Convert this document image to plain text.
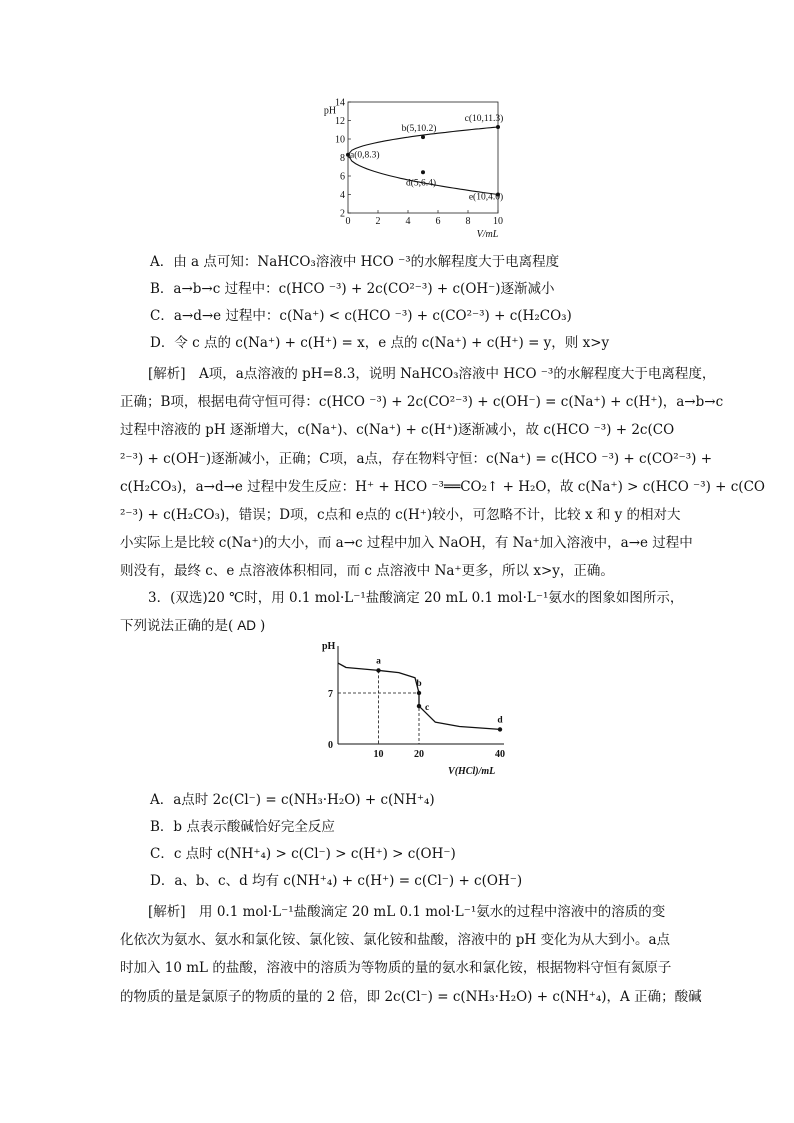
0	2	4	6	8 10
2
4
6
8
10
12
14
pH
V/mL
a(0,8.3)
b(5,10.2)
c(10,11.3)
d(5,6.4)
e(10,4.0)
A．由 a 点可知：NaHCO₃溶液中 HCO ⁻³的水解程度大于电离程度
B．a→b→c 过程中：c(HCO ⁻³) + 2c(CO²⁻³) + c(OH⁻)逐渐减小
C．a→d→e 过程中：c(Na⁺) < c(HCO ⁻³) + c(CO²⁻³) + c(H₂CO₃)
D．令 c 点的 c(Na⁺) + c(H⁺) = x，e 点的 c(Na⁺) + c(H⁺) = y，则 x>y

[解析]　A项，a点溶液的 pH=8.3，说明 NaHCO₃溶液中 HCO ⁻³的水解程度大于电离程度，

正确；B项，根据电荷守恒可得：c(HCO ⁻³) + 2c(CO²⁻³) + c(OH⁻) = c(Na⁺) + c(H⁺)，a→b→c

过程中溶液的 pH 逐渐增大，c(Na⁺)、c(Na⁺) + c(H⁺)逐渐减小，故 c(HCO ⁻³) + 2c(CO

²⁻³) + c(OH⁻)逐渐减小，正确；C项，a点，存在物料守恒：c(Na⁺) = c(HCO ⁻³) + c(CO²⁻³) +

c(H₂CO₃)，a→d→e 过程中发生反应：H⁺ + HCO ⁻³══CO₂↑ + H₂O，故 c(Na⁺) > c(HCO ⁻³) + c(CO

²⁻³) + c(H₂CO₃)，错误；D项，c点和 e点的 c(H⁺)较小，可忽略不计，比较 x 和 y 的相对大

小实际上是比较 c(Na⁺)的大小，而 a→c 过程中加入 NaOH，有 Na⁺加入溶液中，a→e 过程中

则没有，最终 c、e 点溶液体积相同，而 c 点溶液中 Na⁺更多，所以 x>y，正确。

3．(双选)20 ℃时，用 0.1 mol·L⁻¹盐酸滴定 20 mL 0.1 mol·L⁻¹氨水的图象如图所示，

下列说法正确的是( AD )

pH
0
7
10	20	40
V(HCl)/mL
a
b
c
d
A．a点时 2c(Cl⁻) = c(NH₃·H₂O) + c(NH⁺₄)
B．b 点表示酸碱恰好完全反应
C．c 点时 c(NH⁺₄) > c(Cl⁻) > c(H⁺) > c(OH⁻)
D．a、b、c、d 均有 c(NH⁺₄) + c(H⁺) = c(Cl⁻) + c(OH⁻)

[解析]　用 0.1 mol·L⁻¹盐酸滴定 20 mL 0.1 mol·L⁻¹氨水的过程中溶液中的溶质的变

化依次为氨水、氨水和氯化铵、氯化铵、氯化铵和盐酸，溶液中的 pH 变化为从大到小。a点

时加入 10 mL 的盐酸，溶液中的溶质为等物质的量的氨水和氯化铵，根据物料守恒有氮原子

的物质的量是氯原子的物质的量的 2 倍，即 2c(Cl⁻) = c(NH₃·H₂O) + c(NH⁺₄)，A 正确；酸碱
